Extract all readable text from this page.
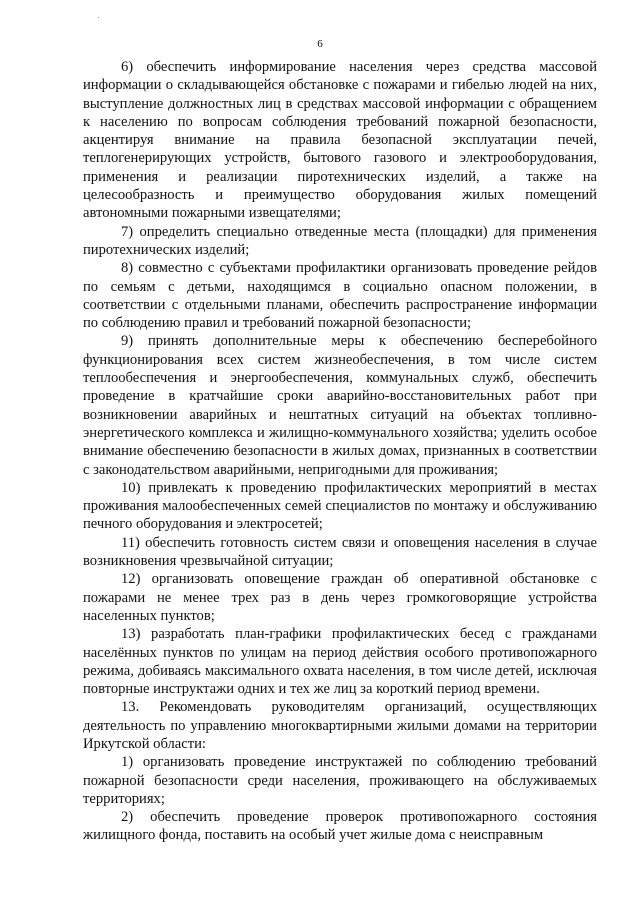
6

6) обеспечить информирование населения через средства массовой информации о складывающейся обстановке с пожарами и гибелью людей на них, выступление должностных лиц в средствах массовой информации с обращением к населению по вопросам соблюдения требований пожарной безопасности, акцентируя внимание на правила безопасной эксплуатации печей, теплогенерирующих устройств, бытового газового и электрооборудования, применения и реализации пиротехнических изделий, а также на целесообразность и преимущество оборудования жилых помещений автономными пожарными извещателями;

7) определить специально отведенные места (площадки) для применения пиротехнических изделий;

8) совместно с субъектами профилактики организовать проведение рейдов по семьям с детьми, находящимся в социально опасном положении, в соответствии с отдельными планами, обеспечить распространение информации по соблюдению правил и требований пожарной безопасности;

9) принять дополнительные меры к обеспечению бесперебойного функционирования всех систем жизнеобеспечения, в том числе систем теплообеспечения и энергообеспечения, коммунальных служб, обеспечить проведение в кратчайшие сроки аварийно-восстановительных работ при возникновении аварийных и нештатных ситуаций на объектах топливно-энергетического комплекса и жилищно-коммунального хозяйства; уделить особое внимание обеспечению безопасности в жилых домах, признанных в соответствии с законодательством аварийными, непригодными для проживания;

10) привлекать к проведению профилактических мероприятий в местах проживания малообеспеченных семей специалистов по монтажу и обслуживанию печного оборудования и электросетей;

11) обеспечить готовность систем связи и оповещения населения в случае возникновения чрезвычайной ситуации;

12) организовать оповещение граждан об оперативной обстановке с пожарами не менее трех раз в день через громкоговорящие устройства населенных пунктов;

13) разработать план-графики профилактических бесед с гражданами населённых пунктов по улицам на период действия особого противопожарного режима, добиваясь максимального охвата населения, в том числе детей, исключая повторные инструктажи одних и тех же лиц за короткий период времени.

13. Рекомендовать руководителям организаций, осуществляющих деятельность по управлению многоквартирными жилыми домами на территории Иркутской области:

1) организовать проведение инструктажей по соблюдению требований пожарной безопасности среди населения, проживающего на обслуживаемых территориях;

2) обеспечить проведение проверок противопожарного состояния жилищного фонда, поставить на особый учет жилые дома с неисправным
